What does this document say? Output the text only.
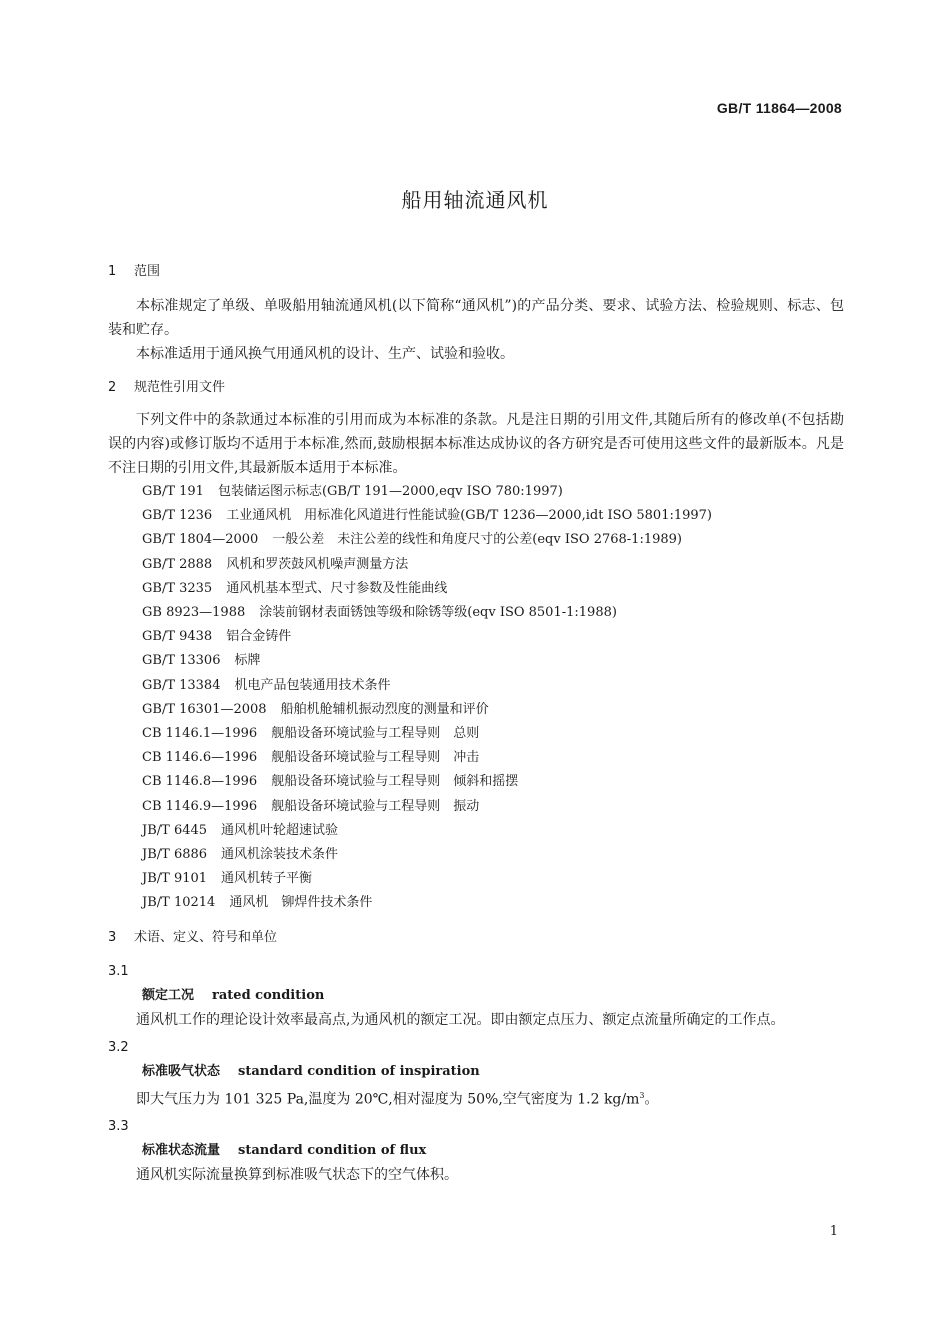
GB/T 11864—2008
船用轴流通风机
1 范围

本标准规定了单级、单吸船用轴流通风机(以下简称“通风机”)的产品分类、要求、试验方法、检验规则、标志、包装和贮存。

本标准适用于通风换气用通风机的设计、生产、试验和验收。

2 规范性引用文件

下列文件中的条款通过本标准的引用而成为本标准的条款。凡是注日期的引用文件,其随后所有的修改单(不包括勘误的内容)或修订版均不适用于本标准,然而,鼓励根据本标准达成协议的各方研究是否可使用这些文件的最新版本。凡是不注日期的引用文件,其最新版本适用于本标准。

GB/T 191 包装储运图示标志(GB/T 191—2000,eqv ISO 780:1997)
GB/T 1236 工业通风机　用标准化风道进行性能试验(GB/T 1236—2000,idt ISO 5801:1997)
GB/T 1804—2000 一般公差　未注公差的线性和角度尺寸的公差(eqv ISO 2768-1:1989)
GB/T 2888 风机和罗茨鼓风机噪声测量方法
GB/T 3235 通风机基本型式、尺寸参数及性能曲线
GB 8923—1988 涂装前钢材表面锈蚀等级和除锈等级(eqv ISO 8501-1:1988)
GB/T 9438 铝合金铸件
GB/T 13306 标牌
GB/T 13384 机电产品包装通用技术条件
GB/T 16301—2008 船舶机舱辅机振动烈度的测量和评价
CB 1146.1—1996 舰船设备环境试验与工程导则　总则
CB 1146.6—1996 舰船设备环境试验与工程导则　冲击
CB 1146.8—1996 舰船设备环境试验与工程导则　倾斜和摇摆
CB 1146.9—1996 舰船设备环境试验与工程导则　振动
JB/T 6445 通风机叶轮超速试验
JB/T 6886 通风机涂装技术条件
JB/T 9101 通风机转子平衡
JB/T 10214 通风机　铆焊件技术条件
3 术语、定义、符号和单位
3.1
额定工况 rated condition

通风机工作的理论设计效率最高点,为通风机的额定工况。即由额定点压力、额定点流量所确定的工作点。

3.2
标准吸气状态 standard condition of inspiration

即大气压力为 101 325 Pa,温度为 20℃,相对湿度为 50%,空气密度为 1.2 $kg/m^3$。

3.3
标准状态流量 standard condition of flux

通风机实际流量换算到标准吸气状态下的空气体积。

1
